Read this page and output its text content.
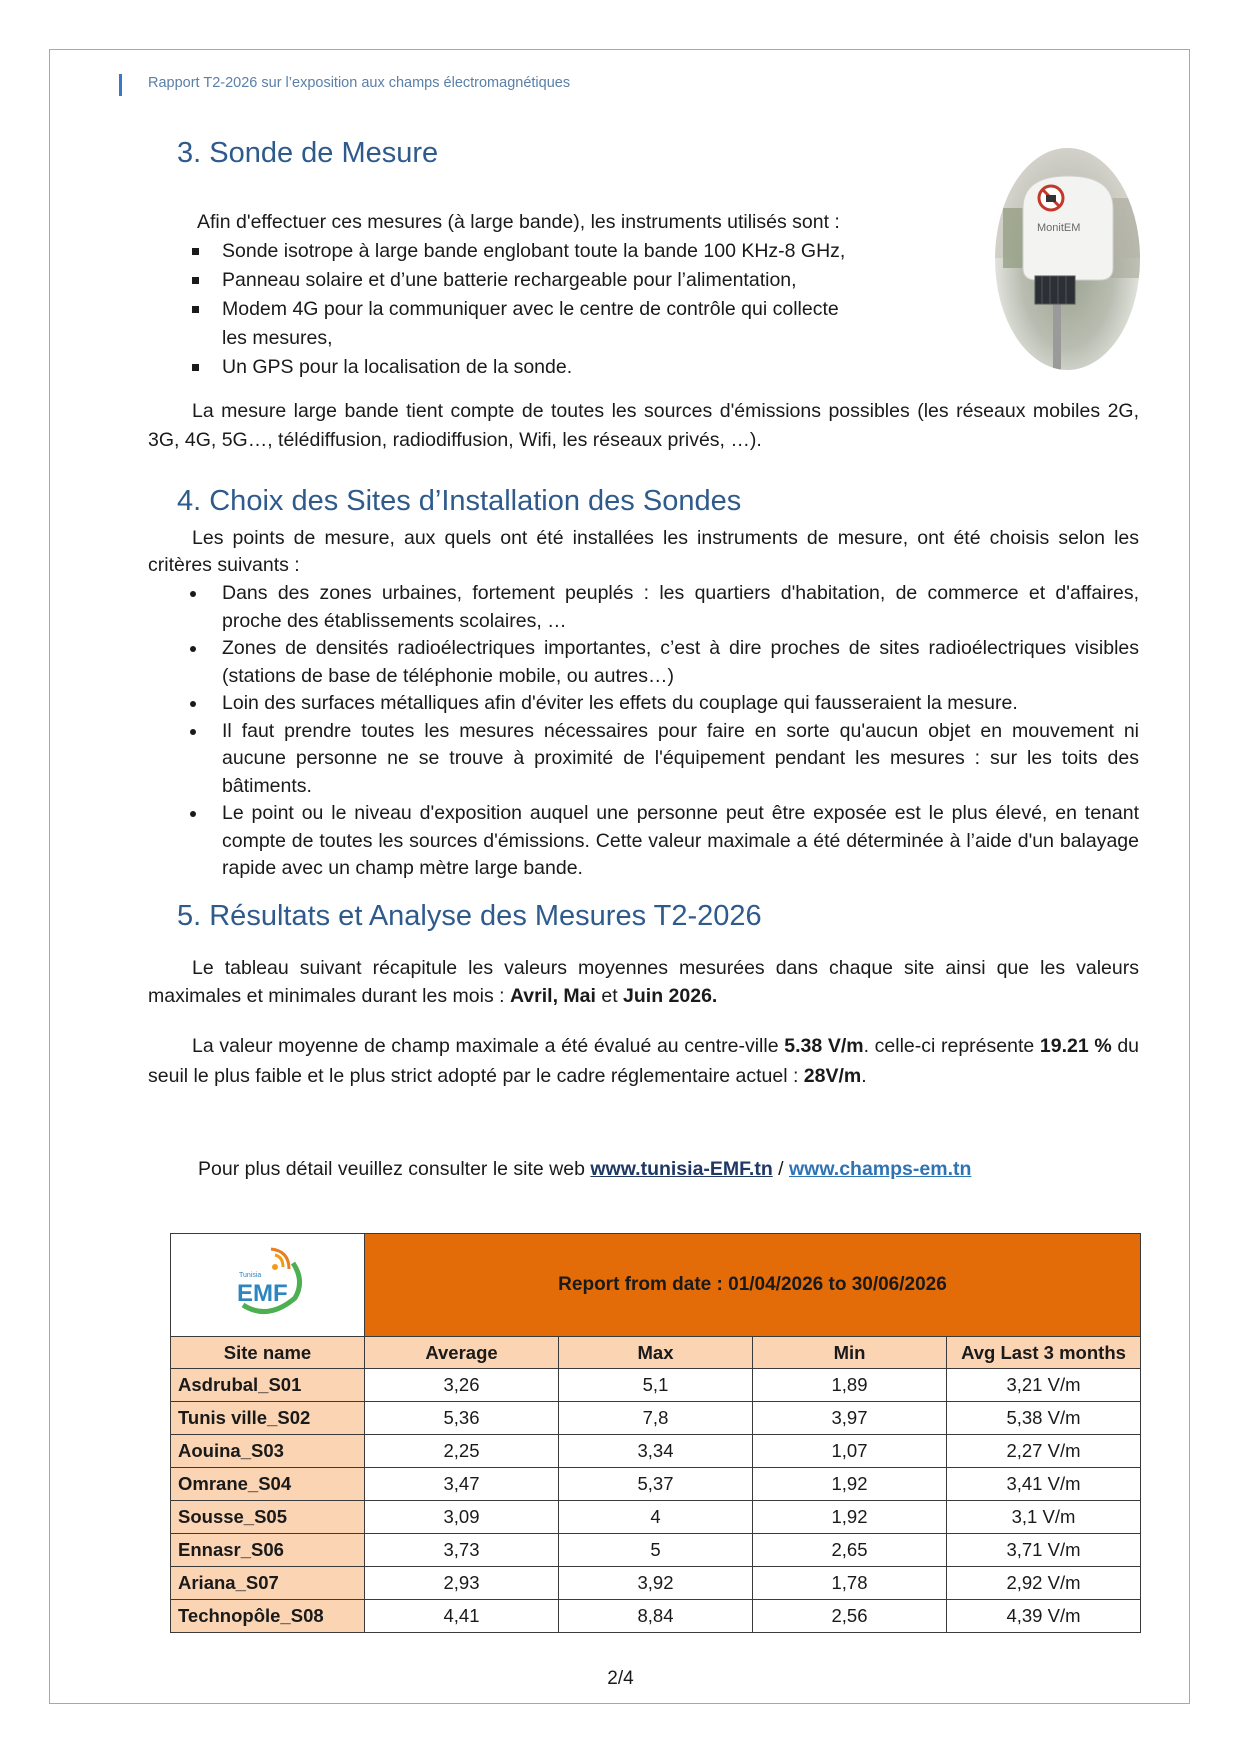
Rapport T2-2026 sur l’exposition aux champs électromagnétiques
3. Sonde de Mesure

Afin d'effectuer ces mesures (à large bande), les instruments utilisés sont :

Sonde isotrope à large bande englobant toute la bande 100 KHz-8 GHz,
Panneau solaire et d’une batterie rechargeable pour l’alimentation,
Modem 4G pour la communiquer avec le centre de contrôle qui collecte
les mesures,
Un GPS pour la localisation de la sonde.
MonitEM

La mesure large bande tient compte de toutes les sources d'émissions possibles (les réseaux mobiles 2G, 3G, 4G, 5G…, télédiffusion, radiodiffusion, Wifi, les réseaux privés, …).

4. Choix des Sites d’Installation des Sondes

Les points de mesure, aux quels ont été installées les instruments de mesure, ont été choisis selon les critères suivants :

Dans des zones urbaines, fortement peuplés : les quartiers d'habitation, de commerce et d'affaires, proche des établissements scolaires, …
Zones de densités radioélectriques importantes, c’est à dire proches de sites radioélectriques visibles (stations de base de téléphonie mobile, ou autres…)
Loin des surfaces métalliques afin d'éviter les effets du couplage qui fausseraient la mesure.
Il faut prendre toutes les mesures nécessaires pour faire en sorte qu'aucun objet en mouvement ni aucune personne ne se trouve à proximité de l'équipement pendant les mesures : sur les toits des bâtiments.
Le point ou le niveau d'exposition auquel une personne peut être exposée est le plus élevé, en tenant compte de toutes les sources d'émissions. Cette valeur maximale a été déterminée à l’aide d'un balayage rapide avec un champ mètre large bande.
5. Résultats et Analyse des Mesures T2-2026

Le tableau suivant récapitule les valeurs moyennes mesurées dans chaque site ainsi que les valeurs maximales et minimales durant les mois : Avril, Mai et Juin 2026.

La valeur moyenne de champ maximale a été évalué au centre-ville 5.38 V/m. celle-ci représente 19.21 % du seuil le plus faible et le plus strict adopté par le cadre réglementaire actuel : 28V/m.

Pour plus détail veuillez consulter le site web www.tunisia-EMF.tn / www.champs-em.tn

Tunisia
EMF	Report from date : 01/04/2026 to 30/06/2026			
Site name	Average	Max	Min	Avg Last 3 months
Asdrubal_S01	3,26	5,1	1,89	3,21 V/m
Tunis ville_S02	5,36	7,8	3,97	5,38 V/m
Aouina_S03	2,25	3,34	1,07	2,27 V/m
Omrane_S04	3,47	5,37	1,92	3,41 V/m
Sousse_S05	3,09	4	1,92	3,1 V/m
Ennasr_S06	3,73	5	2,65	3,71 V/m
Ariana_S07	2,93	3,92	1,78	2,92 V/m
Technopôle_S08	4,41	8,84	2,56	4,39 V/m
2/4
